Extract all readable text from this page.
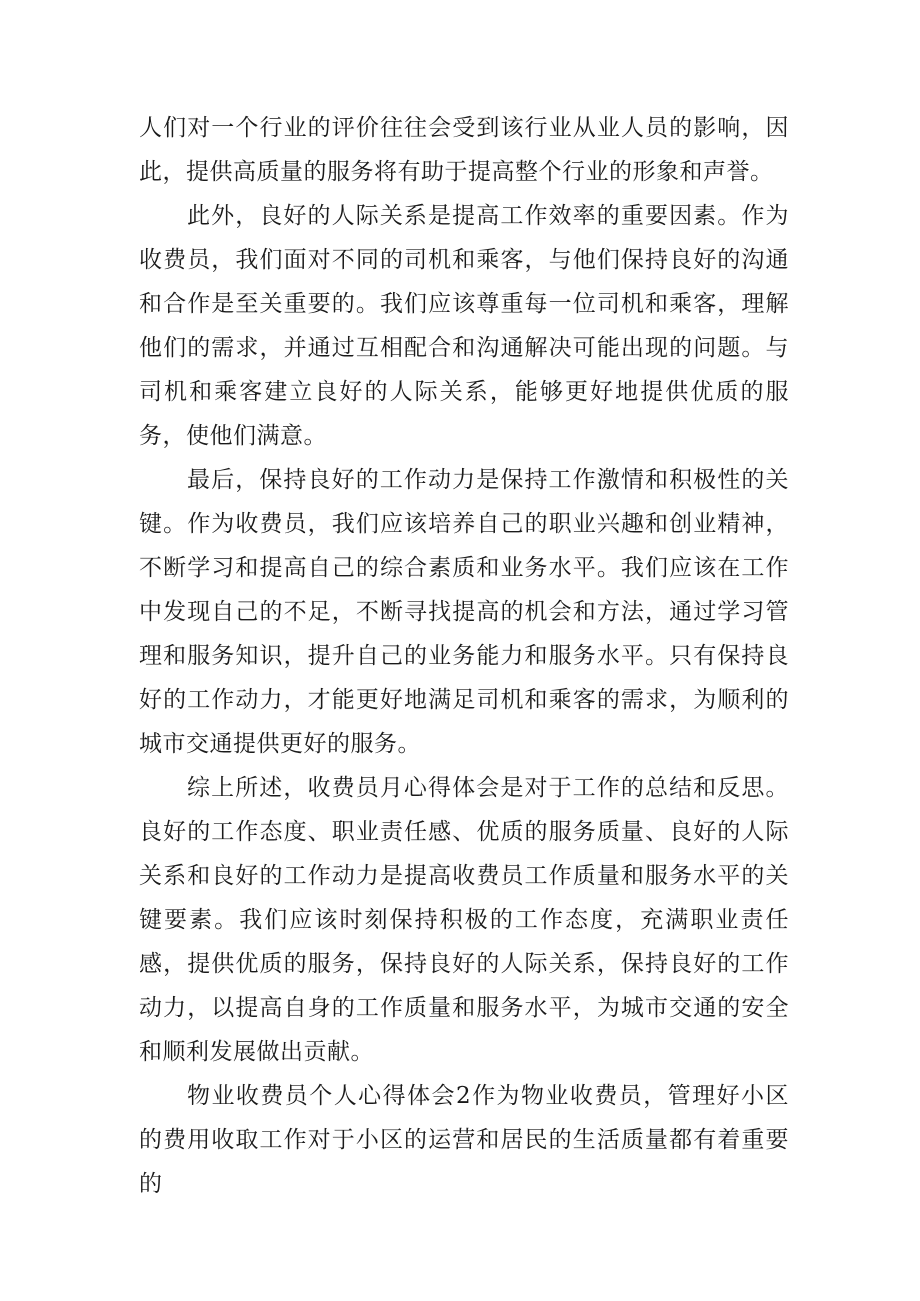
人们对一个行业的评价往往会受到该行业从业人员的影响，因此，提供高质量的服务将有助于提高整个行业的形象和声誉。

此外，良好的人际关系是提高工作效率的重要因素。作为收费员，我们面对不同的司机和乘客，与他们保持良好的沟通和合作是至关重要的。我们应该尊重每一位司机和乘客，理解他们的需求，并通过互相配合和沟通解决可能出现的问题。与司机和乘客建立良好的人际关系，能够更好地提供优质的服务，使他们满意。

最后，保持良好的工作动力是保持工作激情和积极性的关键。作为收费员，我们应该培养自己的职业兴趣和创业精神，不断学习和提高自己的综合素质和业务水平。我们应该在工作中发现自己的不足，不断寻找提高的机会和方法，通过学习管理和服务知识，提升自己的业务能力和服务水平。只有保持良好的工作动力，才能更好地满足司机和乘客的需求，为顺利的城市交通提供更好的服务。

综上所述，收费员月心得体会是对于工作的总结和反思。良好的工作态度、职业责任感、优质的服务质量、良好的人际关系和良好的工作动力是提高收费员工作质量和服务水平的关键要素。我们应该时刻保持积极的工作态度，充满职业责任感，提供优质的服务，保持良好的人际关系，保持良好的工作动力，以提高自身的工作质量和服务水平，为城市交通的安全和顺利发展做出贡献。

物业收费员个人心得体会2作为物业收费员，管理好小区的费用收取工作对于小区的运营和居民的生活质量都有着重要的
